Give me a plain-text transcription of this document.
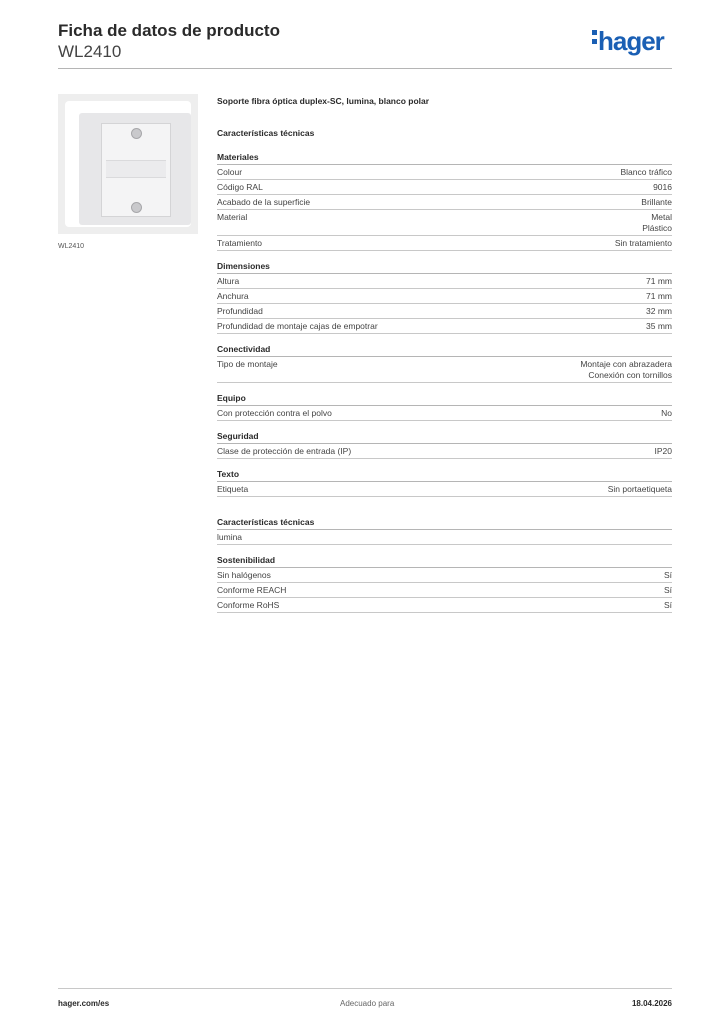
Ficha de datos de producto
WL2410	hager
WL2410
Soporte fibra óptica duplex-SC, lumina, blanco polar
Características técnicas
Materiales
Colour	Blanco tráfico
Código RAL	9016
Acabado de la superficie	Brillante
Material	Metal
Plástico
Tratamiento	Sin tratamiento
Dimensiones
Altura	71 mm
Anchura	71 mm
Profundidad	32 mm
Profundidad de montaje cajas de empotrar	35 mm
Conectividad
Tipo de montaje	Montaje con abrazadera
Conexión con tornillos
Equipo
Con protección contra el polvo	No
Seguridad
Clase de protección de entrada (IP)	IP20
Texto
Etiqueta	Sin portaetiqueta
Características técnicas
lumina
Sostenibilidad
Sin halógenos	Sí
Conforme REACH	Sí
Conforme RoHS	Sí
hager.com/es	Adecuado para	18.04.2026
